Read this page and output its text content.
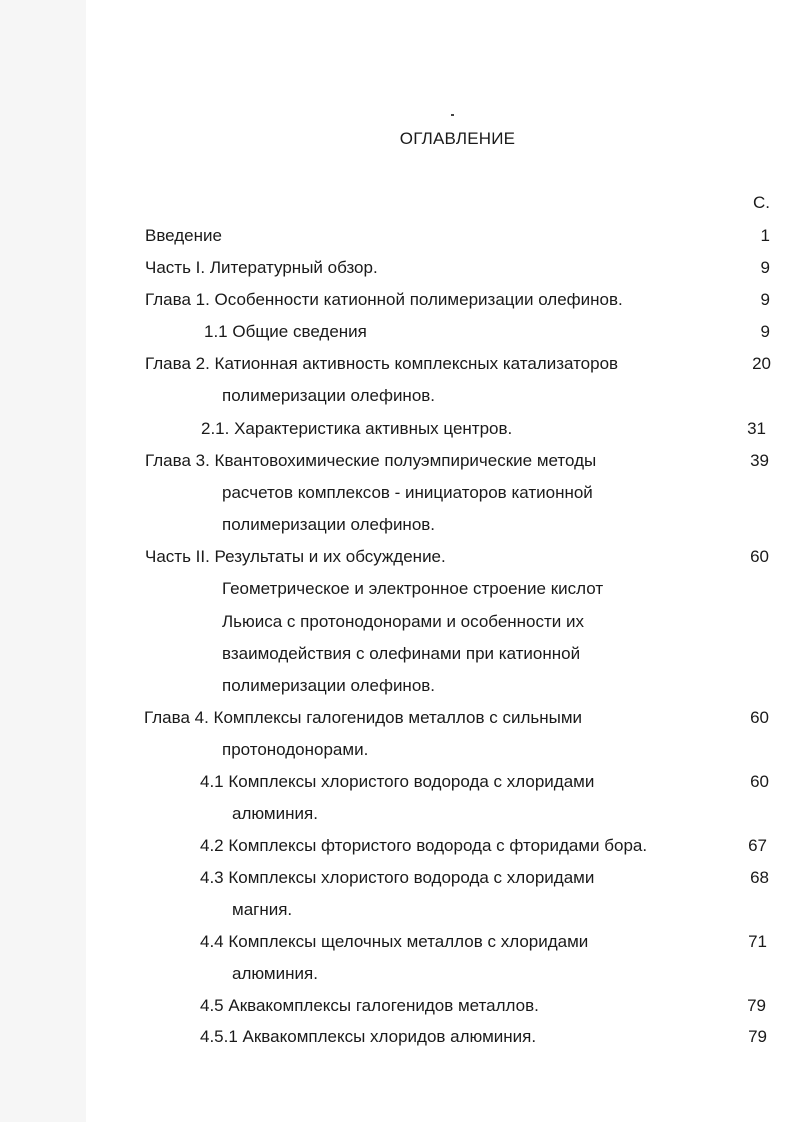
ОГЛАВЛЕНИЕ
С.
Введение	1
Часть I. Литературный обзор.	9
Глава 1. Особенности катионной полимеризации олефинов.	9
1.1 Общие сведения	9
Глава 2. Катионная активность комплексных катализаторов	20
полимеризации олефинов.
2.1. Характеристика активных центров.	31
Глава 3. Квантовохимические полуэмпирические методы	39
расчетов комплексов - инициаторов катионной
полимеризации олефинов.
Часть II. Результаты и их обсуждение.	60
Геометрическое и электронное строение кислот
Льюиса с протонодонорами и особенности их
взаимодействия с олефинами при катионной
полимеризации олефинов.
Глава 4. Комплексы галогенидов металлов с сильными	60
протонодонорами.
4.1 Комплексы хлористого водорода с хлоридами	60
алюминия.
4.2 Комплексы фтористого водорода с фторидами бора.	67
4.3 Комплексы хлористого водорода с хлоридами	68
магния.
4.4 Комплексы щелочных металлов с хлоридами	71
алюминия.
4.5 Аквакомплексы галогенидов металлов.	79
4.5.1 Аквакомплексы хлоридов алюминия.	79
